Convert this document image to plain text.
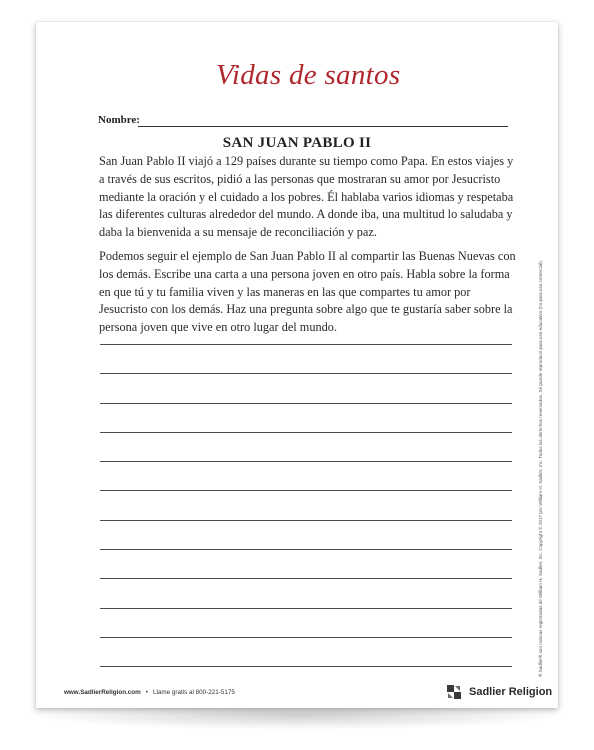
Vidas de santos
Nombre:
SAN JUAN PABLO II

San Juan Pablo II viajó a 129 países durante su tiempo como Papa. En estos viajes y a través de sus escritos, pidió a las personas que mostraran su amor por Jesucristo mediante la oración y el cuidado a los pobres. Él hablaba varios idiomas y respetaba las diferentes culturas alrededor del mundo. A donde iba, una multitud lo saludaba y daba la bienvenida a su mensaje de reconciliación y paz.

Podemos seguir el ejemplo de San Juan Pablo II al compartir las Buenas Nuevas con los demás. Escribe una carta a una persona joven en otro país. Habla sobre la forma en que tú y tu familia viven y las maneras en las que compartes tu amor por Jesucristo con los demás. Haz una pregunta sobre algo que te gustaría saber sobre la persona joven que vive en otro lugar del mundo.	® Sadlier® son marcas registradas de William H. Sadlier, Inc. Copyright © 2017 por William H. Sadlier, Inc. Todos los derechos reservados. Se puede reproducir para uso educativo (no para uso comercial).
www.SadlierReligion.com • Llame gratis al 800-221-5175	Sadlier Religion
